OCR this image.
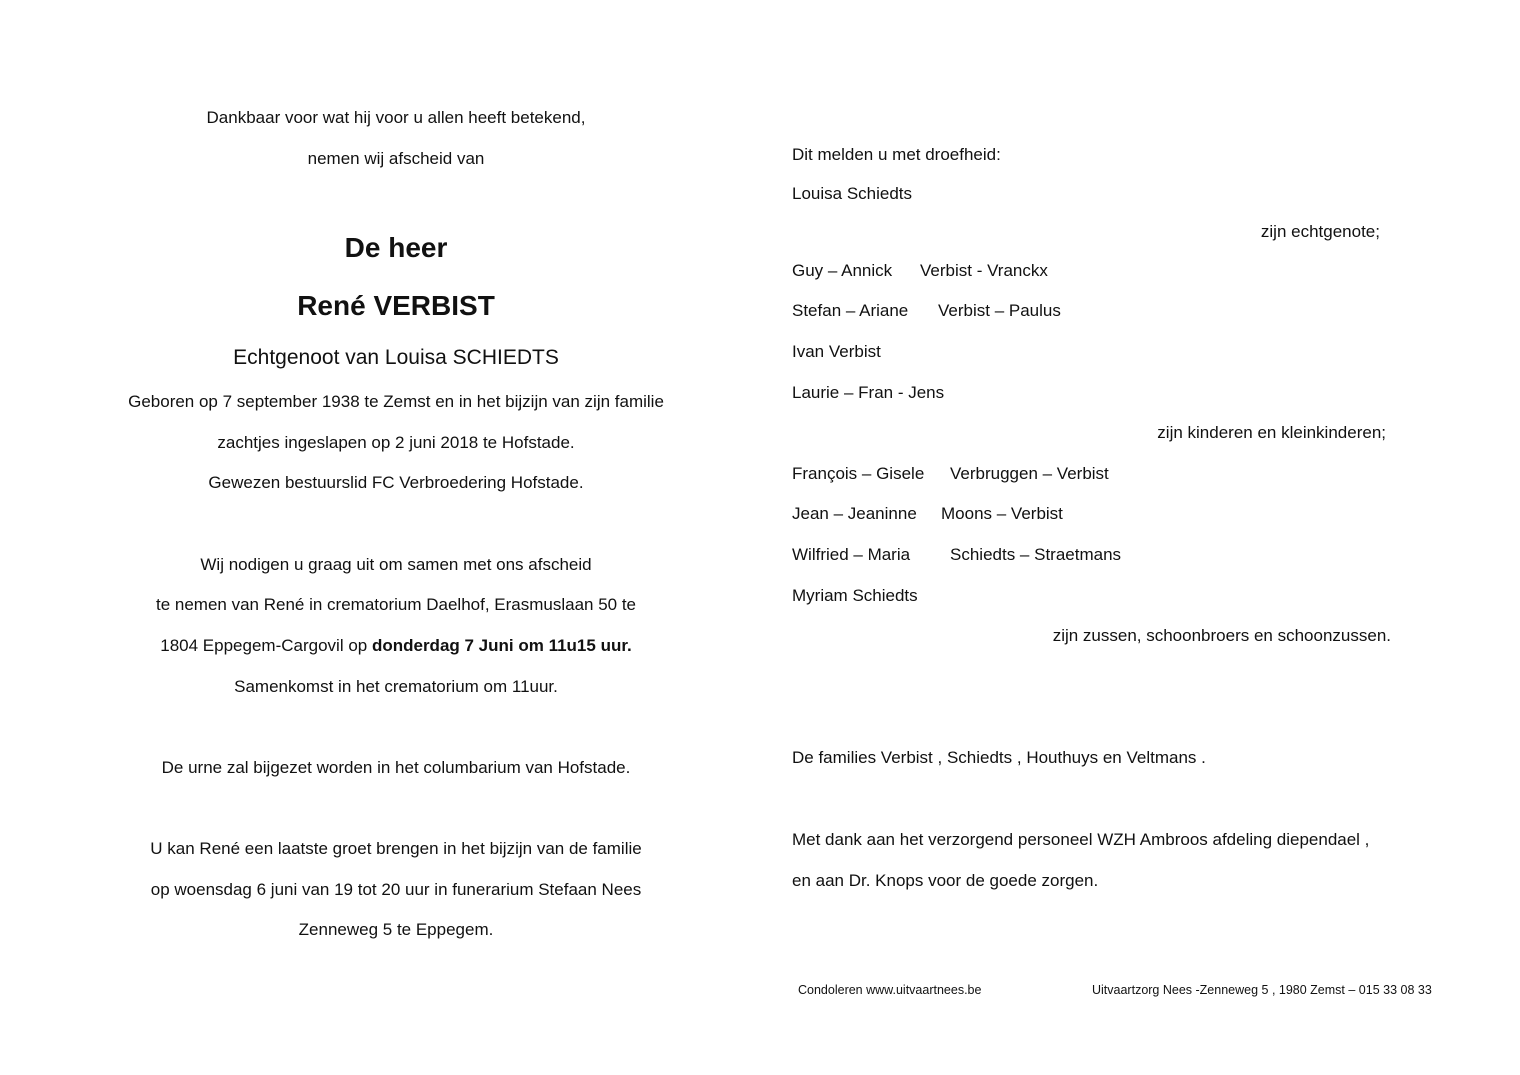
Dankbaar voor wat hij voor u allen heeft betekend,
nemen wij afscheid van
De heer
René VERBIST
Echtgenoot van Louisa SCHIEDTS
Geboren op 7 september 1938 te Zemst en in het bijzijn van zijn familie
zachtjes ingeslapen op 2 juni 2018 te Hofstade.
Gewezen bestuurslid FC Verbroedering Hofstade.
Wij nodigen u graag uit om samen met ons afscheid
te nemen van René in crematorium Daelhof, Erasmuslaan 50 te
1804 Eppegem-Cargovil op donderdag 7 Juni om 11u15 uur.
Samenkomst in het crematorium om 11uur.
De urne zal bijgezet worden in het columbarium van Hofstade.
U kan René een laatste groet brengen in het bijzijn van de familie
op woensdag 6 juni van 19 tot 20 uur in funerarium Stefaan Nees
Zenneweg 5 te Eppegem.
Dit melden u met droefheid:
Louisa Schiedts
zijn echtgenote;
Guy – Annick Verbist - Vranckx
Stefan – Ariane Verbist – Paulus
Ivan Verbist
Laurie – Fran - Jens
zijn kinderen en kleinkinderen;
François – Gisele Verbruggen – Verbist
Jean – Jeaninne Moons – Verbist
Wilfried – Maria Schiedts – Straetmans
Myriam Schiedts
zijn zussen, schoonbroers en schoonzussen.
De families Verbist , Schiedts , Houthuys en Veltmans .
Met dank aan het verzorgend personeel WZH Ambroos afdeling diependael ,
en aan Dr. Knops voor de goede zorgen.
Condoleren www.uitvaartnees.be	Uitvaartzorg Nees -Zenneweg 5 , 1980 Zemst – 015 33 08 33
